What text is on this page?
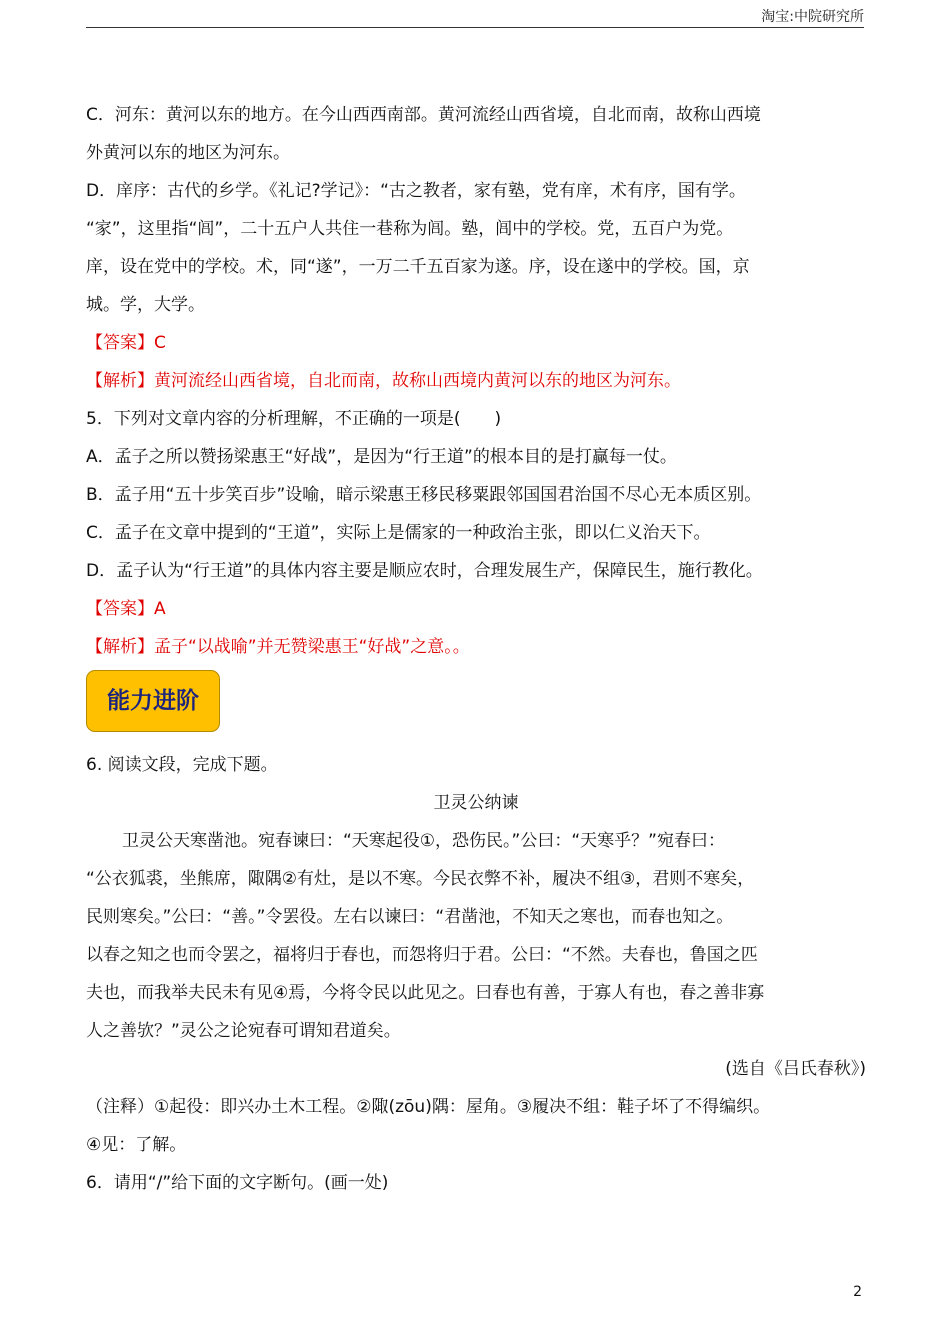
淘宝:中院研究所
C．河东：黄河以东的地方。在今山西西南部。黄河流经山西省境，自北而南，故称山西境
外黄河以东的地区为河东。
D．庠序：古代的乡学。《礼记?学记》：“古之教者，家有塾，党有庠，术有序，国有学。
“家”，这里指“闾”，二十五户人共住一巷称为闾。塾，闾中的学校。党，五百户为党。
庠，设在党中的学校。术，同“遂”，一万二千五百家为遂。序，设在遂中的学校。国，京
城。学，大学。
【答案】C
【解析】黄河流经山西省境，自北而南，故称山西境内黄河以东的地区为河东。
5．下列对文章内容的分析理解，不正确的一项是(　　)
A．孟子之所以赞扬梁惠王“好战”，是因为“行王道”的根本目的是打赢每一仗。
B．孟子用“五十步笑百步”设喻，暗示梁惠王移民移粟跟邻国国君治国不尽心无本质区别。
C．孟子在文章中提到的“王道”，实际上是儒家的一种政治主张，即以仁义治天下。
D．孟子认为“行王道”的具体内容主要是顺应农时，合理发展生产，保障民生，施行教化。
【答案】A
【解析】孟子“以战喻”并无赞梁惠王“好战”之意。。
能力进阶
6. 阅读文段，完成下题。
卫灵公纳谏
卫灵公天寒凿池。宛春谏曰：“天寒起役①，恐伤民。”公曰：“天寒乎？”宛春曰：
“公衣狐裘，坐熊席，陬隅②有灶，是以不寒。今民衣弊不补，履决不组③，君则不寒矣，
民则寒矣。”公曰：“善。”令罢役。左右以谏曰：“君凿池，不知天之寒也，而春也知之。
以春之知之也而令罢之，福将归于春也，而怨将归于君。公曰：“不然。夫春也，鲁国之匹
夫也，而我举夫民未有见④焉，今将令民以此见之。曰春也有善，于寡人有也，春之善非寡
人之善欤？”灵公之论宛春可谓知君道矣。
(选自《吕氏春秋》)
（注释）①起役：即兴办土木工程。②陬(zōu)隅：屋角。③履决不组：鞋子坏了不得编织。
④见：了解。
6．请用“/”给下面的文字断句。(画一处)
2
